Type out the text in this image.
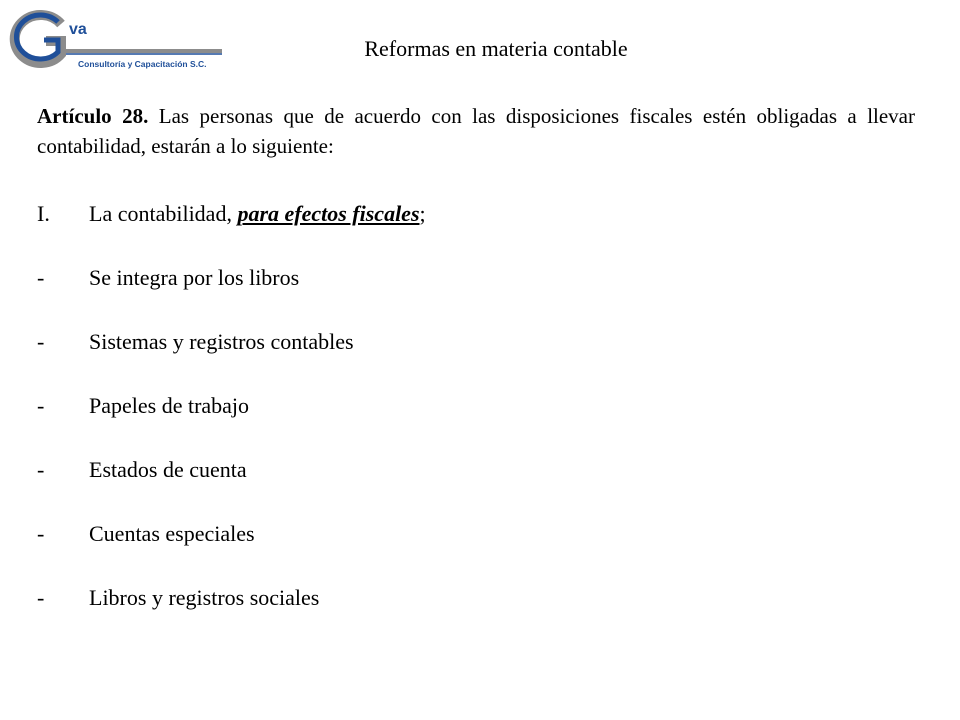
va
Consultoría y Capacitación S.C.
Reformas en materia contable
Artículo 28. Las personas que de acuerdo con las disposiciones fiscales estén obligadas a llevar contabilidad, estarán a lo siguiente:
I. La contabilidad, para efectos fiscales;
- Se integra por los libros
- Sistemas y registros contables
- Papeles de trabajo
- Estados de cuenta
- Cuentas especiales
- Libros y registros sociales
